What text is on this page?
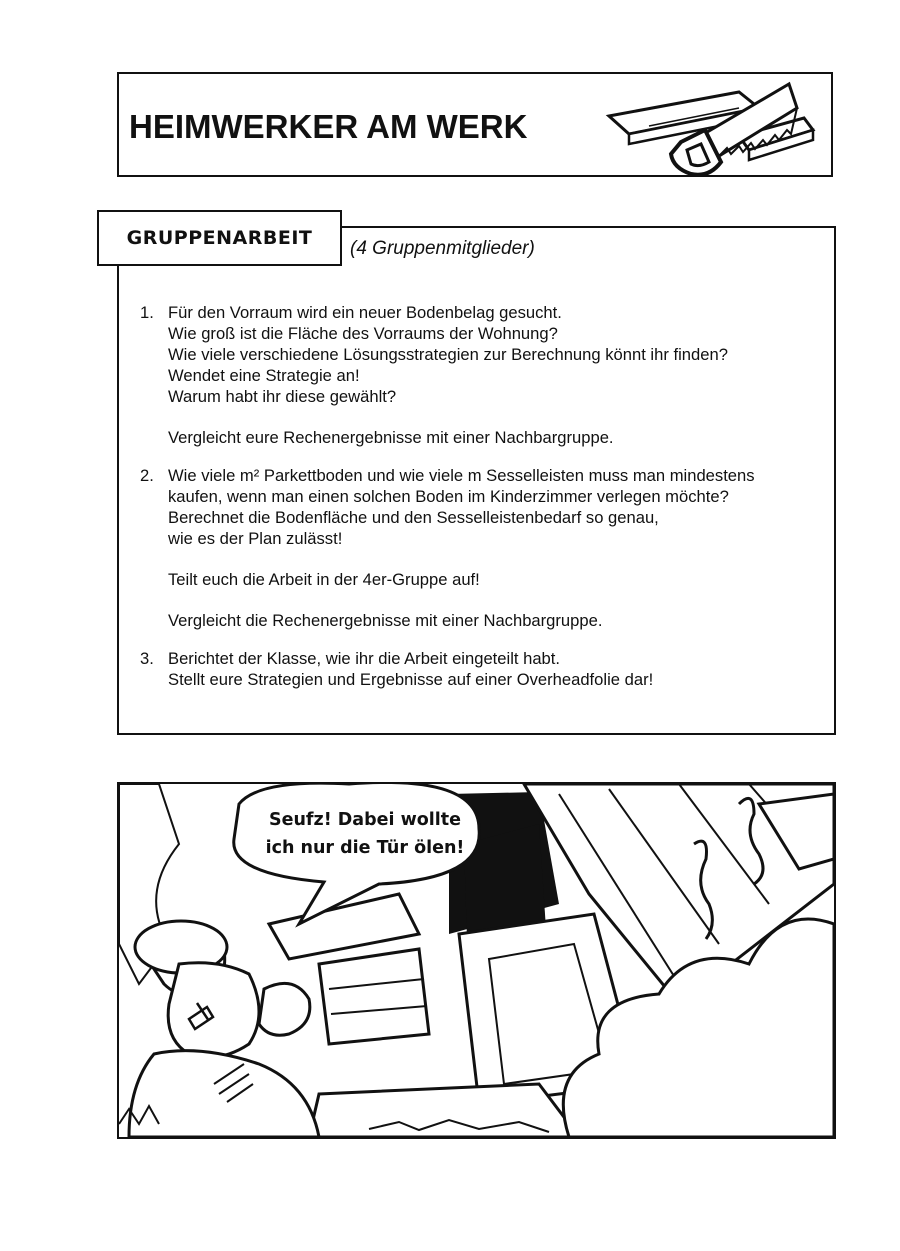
HEIMWERKER AM WERK
GRUPPENARBEIT (4 Gruppenmitglieder)
1. Für den Vorraum wird ein neuer Bodenbelag gesucht.
Wie groß ist die Fläche des Vorraums der Wohnung?
Wie viele verschiedene Lösungsstrategien zur Berechnung könnt ihr finden?
Wendet eine Strategie an!
Warum habt ihr diese gewählt?
Vergleicht eure Rechenergebnisse mit einer Nachbargruppe.
2. Wie viele m² Parkettboden und wie viele m Sesselleisten muss man mindestens
kaufen, wenn man einen solchen Boden im Kinderzimmer verlegen möchte?
Berechnet die Bodenfläche und den Sesselleistenbedarf so genau,
wie es der Plan zulässt!
Teilt euch die Arbeit in der 4er-Gruppe auf!
Vergleicht die Rechenergebnisse mit einer Nachbargruppe.
3. Berichtet der Klasse, wie ihr die Arbeit eingeteilt habt.
Stellt eure Strategien und Ergebnisse auf einer Overheadfolie dar!
Seufz! Dabei wollte
ich nur die Tür ölen!
